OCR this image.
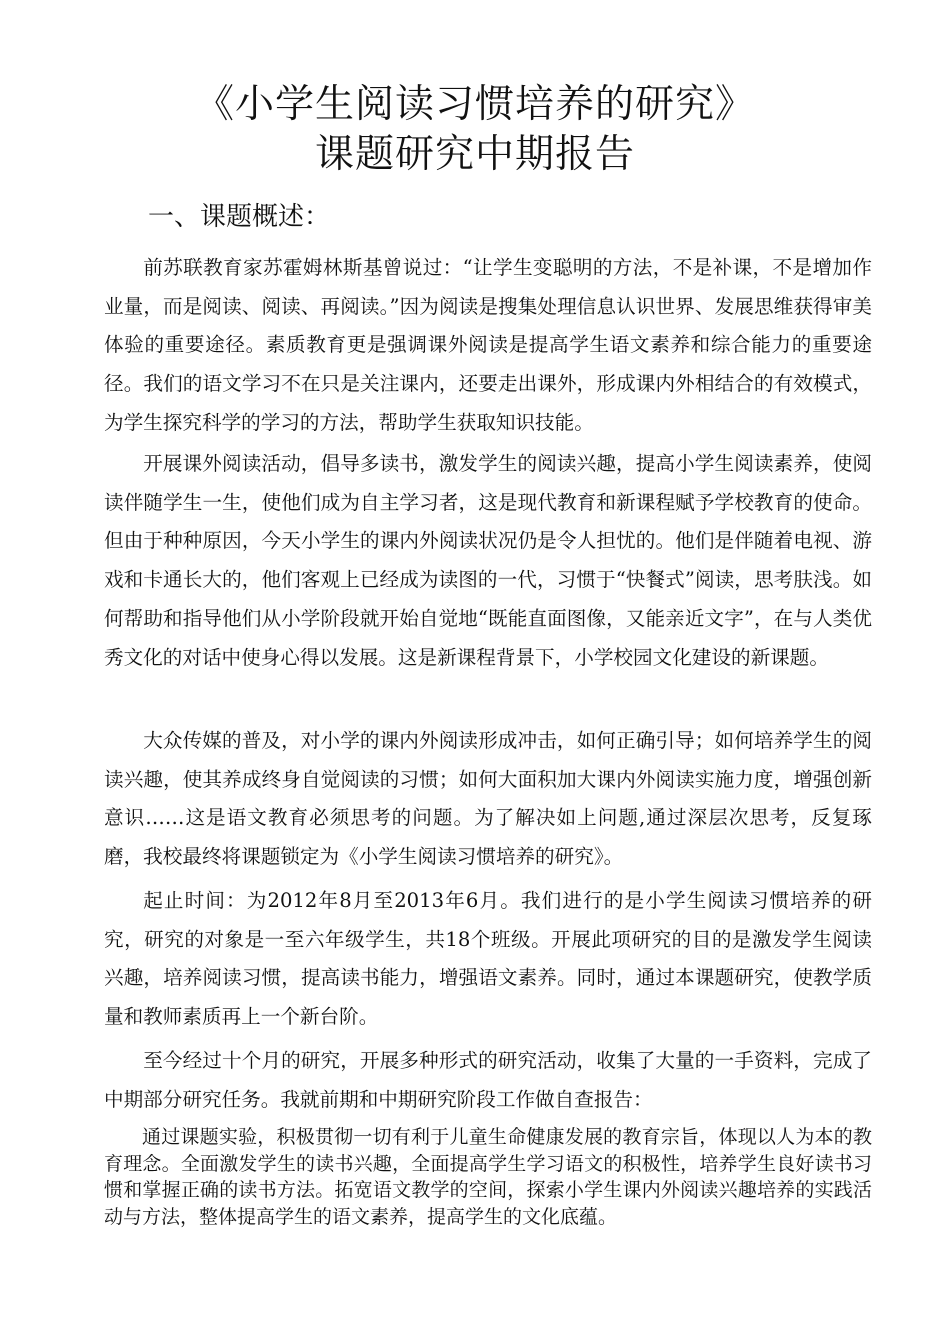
《小学生阅读习惯培养的研究》
课题研究中期报告
一、课题概述：

前苏联教育家苏霍姆林斯基曾说过：“让学生变聪明的方法，不是补课，不是增加作业量，而是阅读、阅读、再阅读。”因为阅读是搜集处理信息认识世界、发展思维获得审美体验的重要途径。素质教育更是强调课外阅读是提高学生语文素养和综合能力的重要途径。我们的语文学习不在只是关注课内，还要走出课外，形成课内外相结合的有效模式，为学生探究科学的学习的方法，帮助学生获取知识技能。

开展课外阅读活动，倡导多读书，激发学生的阅读兴趣，提高小学生阅读素养，使阅读伴随学生一生，使他们成为自主学习者，这是现代教育和新课程赋予学校教育的使命。但由于种种原因，今天小学生的课内外阅读状况仍是令人担忧的。他们是伴随着电视、游戏和卡通长大的，他们客观上已经成为读图的一代，习惯于“快餐式”阅读，思考肤浅。如何帮助和指导他们从小学阶段就开始自觉地“既能直面图像，又能亲近文字”，在与人类优秀文化的对话中使身心得以发展。这是新课程背景下，小学校园文化建设的新课题。

大众传媒的普及，对小学的课内外阅读形成冲击，如何正确引导；如何培养学生的阅读兴趣，使其养成终身自觉阅读的习惯；如何大面积加大课内外阅读实施力度，增强创新意识……这是语文教育必须思考的问题。为了解决如上问题,通过深层次思考，反复琢磨，我校最终将课题锁定为《小学生阅读习惯培养的研究》。

起止时间：为2012年8月至2013年6月。我们进行的是小学生阅读习惯培养的研究，研究的对象是一至六年级学生，共18个班级。开展此项研究的目的是激发学生阅读兴趣，培养阅读习惯，提高读书能力，增强语文素养。同时，通过本课题研究，使教学质量和教师素质再上一个新台阶。

至今经过十个月的研究，开展多种形式的研究活动，收集了大量的一手资料，完成了中期部分研究任务。我就前期和中期研究阶段工作做自查报告：

通过课题实验，积极贯彻一切有利于儿童生命健康发展的教育宗旨，体现以人为本的教育理念。全面激发学生的读书兴趣，全面提高学生学习语文的积极性，培养学生良好读书习惯和掌握正确的读书方法。拓宽语文教学的空间，探索小学生课内外阅读兴趣培养的实践活动与方法，整体提高学生的语文素养，提高学生的文化底蕴。
